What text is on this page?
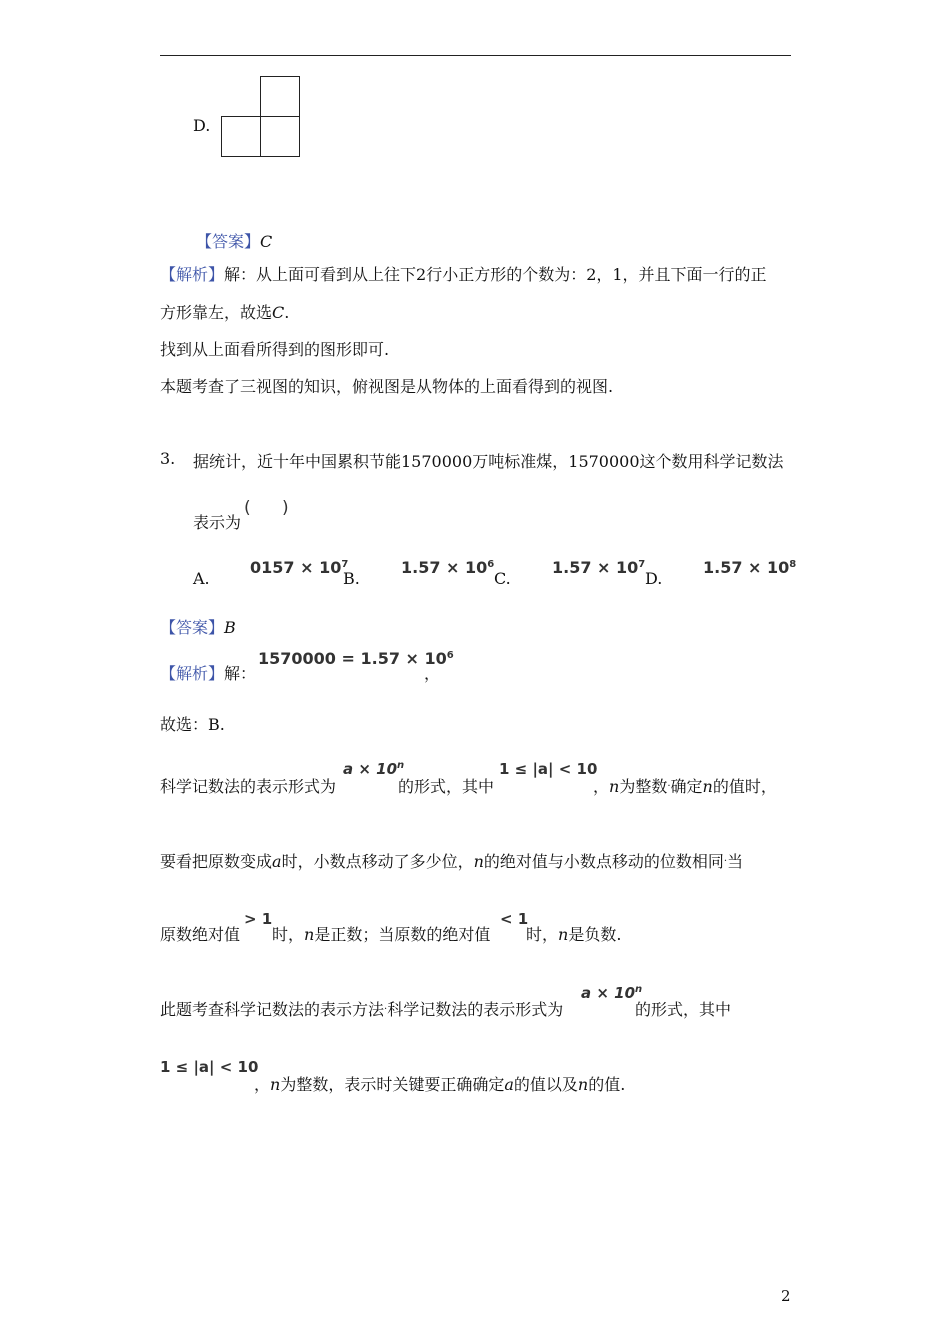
D.
【答案】C
【解析】解：从上面可看到从上往下2行小正方形的个数为：2，1，并且下面一行的正
方形靠左，故选C.
找到从上面看所得到的图形即可.
本题考查了三视图的知识，俯视图是从物体的上面看得到的视图.
3. 据统计，近十年中国累积节能1570000万吨标准煤，1570000这个数用科学记数法
表示为
( )
A.
$0157 \times 10^7$
B.
$1.57 \times 10^6$
C.
$1.57 \times 10^7$
D.
$1.57 \times 10^8$
【答案】B
【解析】解：
$1570000 = 1.57 \times 10^6$
，
故选：B.
科学记数法的表示形式为
$a \times 10^n$
的形式，其中
1 ≤ |a| < 10
，n为整数.确定n的值时，
要看把原数变成a时，小数点移动了多少位，n的绝对值与小数点移动的位数相同.当
原数绝对值
> 1
时，n是正数；当原数的绝对值
< 1
时，n是负数.
此题考查科学记数法的表示方法.科学记数法的表示形式为
$a \times 10^n$
的形式，其中
1 ≤ |a| < 10
，n为整数，表示时关键要正确确定a的值以及n的值.
2
